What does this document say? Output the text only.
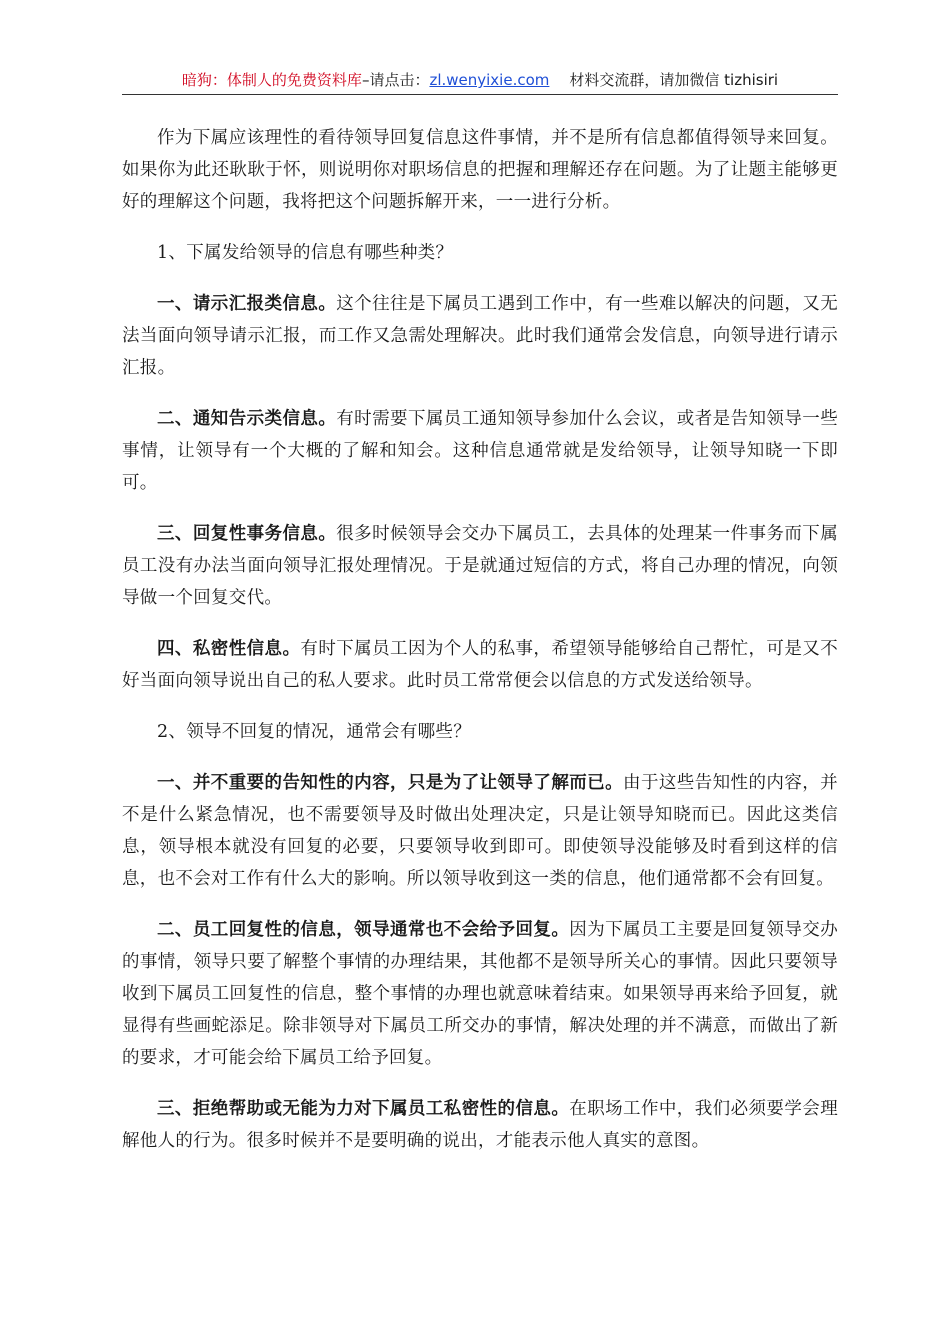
暗狗：体制人的免费资料库–请点击：zl.wenyixie.com 材料交流群，请加微信 tizhisiri

作为下属应该理性的看待领导回复信息这件事情，并不是所有信息都值得领导来回复。如果你为此还耿耿于怀，则说明你对职场信息的把握和理解还存在问题。为了让题主能够更好的理解这个问题，我将把这个问题拆解开来，一一进行分析。

1、下属发给领导的信息有哪些种类？

一、请示汇报类信息。这个往往是下属员工遇到工作中，有一些难以解决的问题，又无法当面向领导请示汇报，而工作又急需处理解决。此时我们通常会发信息，向领导进行请示汇报。

二、通知告示类信息。有时需要下属员工通知领导参加什么会议，或者是告知领导一些事情，让领导有一个大概的了解和知会。这种信息通常就是发给领导，让领导知晓一下即可。

三、回复性事务信息。很多时候领导会交办下属员工，去具体的处理某一件事务而下属员工没有办法当面向领导汇报处理情况。于是就通过短信的方式，将自己办理的情况，向领导做一个回复交代。

四、私密性信息。有时下属员工因为个人的私事，希望领导能够给自己帮忙，可是又不好当面向领导说出自己的私人要求。此时员工常常便会以信息的方式发送给领导。

2、领导不回复的情况，通常会有哪些？

一、并不重要的告知性的内容，只是为了让领导了解而已。由于这些告知性的内容，并不是什么紧急情况，也不需要领导及时做出处理决定，只是让领导知晓而已。因此这类信息，领导根本就没有回复的必要，只要领导收到即可。即使领导没能够及时看到这样的信息，也不会对工作有什么大的影响。所以领导收到这一类的信息，他们通常都不会有回复。

二、员工回复性的信息，领导通常也不会给予回复。因为下属员工主要是回复领导交办的事情，领导只要了解整个事情的办理结果，其他都不是领导所关心的事情。因此只要领导收到下属员工回复性的信息，整个事情的办理也就意味着结束。如果领导再来给予回复，就显得有些画蛇添足。除非领导对下属员工所交办的事情，解决处理的并不满意，而做出了新的要求，才可能会给下属员工给予回复。

三、拒绝帮助或无能为力对下属员工私密性的信息。在职场工作中，我们必须要学会理解他人的行为。很多时候并不是要明确的说出，才能表示他人真实的意图。
